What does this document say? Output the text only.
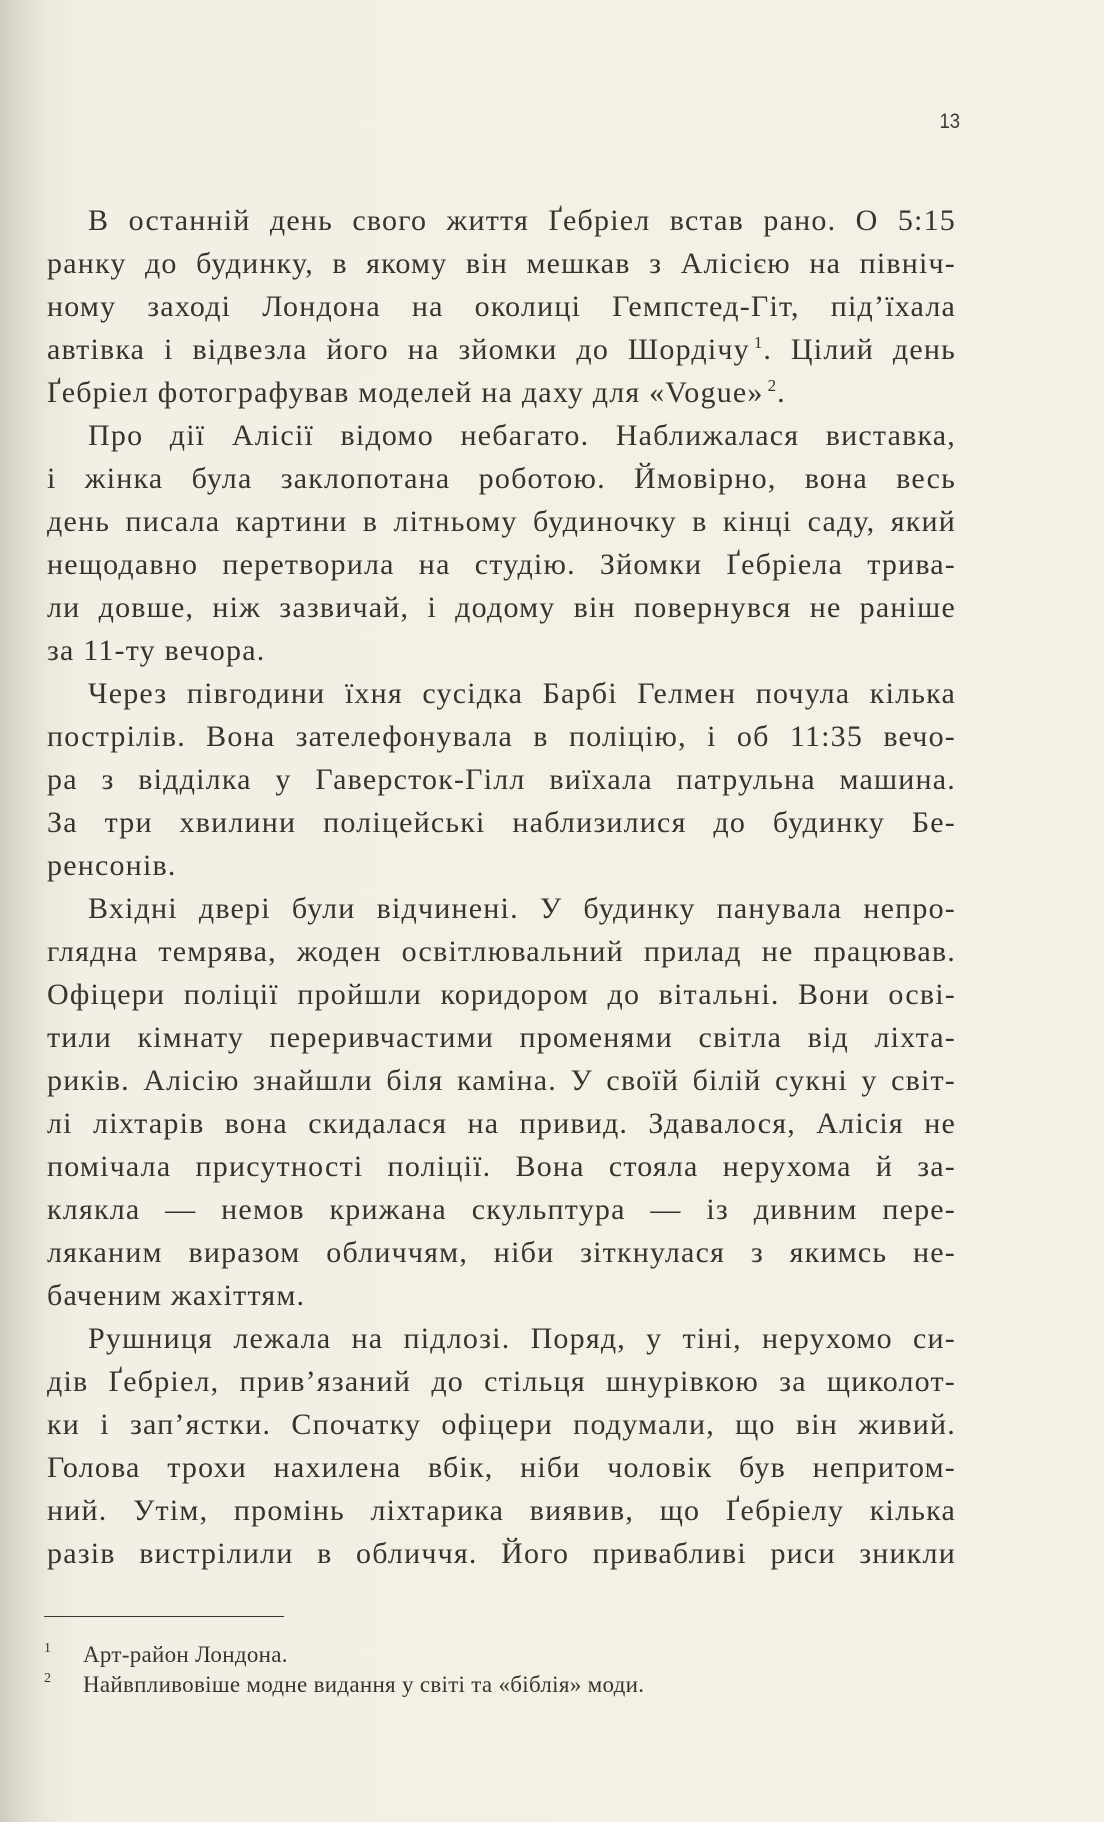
13
В останній день свого життя Ґебріел встав рано. О 5:15
ранку до будинку, в якому він мешкав з Алісією на північ-
ному заході Лондона на околиці Гемпстед-Гіт, під’їхала
автівка і відвезла його на зйомки до Шордічу $^1$. Цілий день
Ґебріел фотографував моделей на даху для «Vogue» $^2$.
Про дії Алісії відомо небагато. Наближалася виставка,
і жінка була заклопотана роботою. Ймовірно, вона весь
день писала картини в літньому будиночку в кінці саду, який
нещодавно перетворила на студію. Зйомки Ґебріела трива-
ли довше, ніж зазвичай, і додому він повернувся не раніше
за 11-ту вечора.
Через півгодини їхня сусідка Барбі Гелмен почула кілька
пострілів. Вона зателефонувала в поліцію, і об 11:35 вечо-
ра з відділка у Гаверсток-Гілл виїхала патрульна машина.
За три хвилини поліцейські наблизилися до будинку Бе-
ренсонів.
Вхідні двері були відчинені. У будинку панувала непро-
глядна темрява, жоден освітлювальний прилад не працював.
Офіцери поліції пройшли коридором до вітальні. Вони осві-
тили кімнату переривчастими променями світла від ліхта-
риків. Алісію знайшли біля каміна. У своїй білій сукні у світ-
лі ліхтарів вона скидалася на привид. Здавалося, Алісія не
помічала присутності поліції. Вона стояла нерухома й за-
клякла — немов крижана скульптура — із дивним пере-
ляканим виразом обличчям, ніби зіткнулася з якимсь не-
баченим жахіттям.
Рушниця лежала на підлозі. Поряд, у тіні, нерухомо си-
дів Ґебріел, прив’язаний до стільця шнурівкою за щиколот-
ки і зап’ястки. Спочатку офіцери подумали, що він живий.
Голова трохи нахилена вбік, ніби чоловік був непритом-
ний. Утім, промінь ліхтарика виявив, що Ґебріелу кілька
разів вистрілили в обличчя. Його привабливі риси зникли
1 Арт-район Лондона.
2 Найвпливовіше модне видання у світі та «біблія» моди.
